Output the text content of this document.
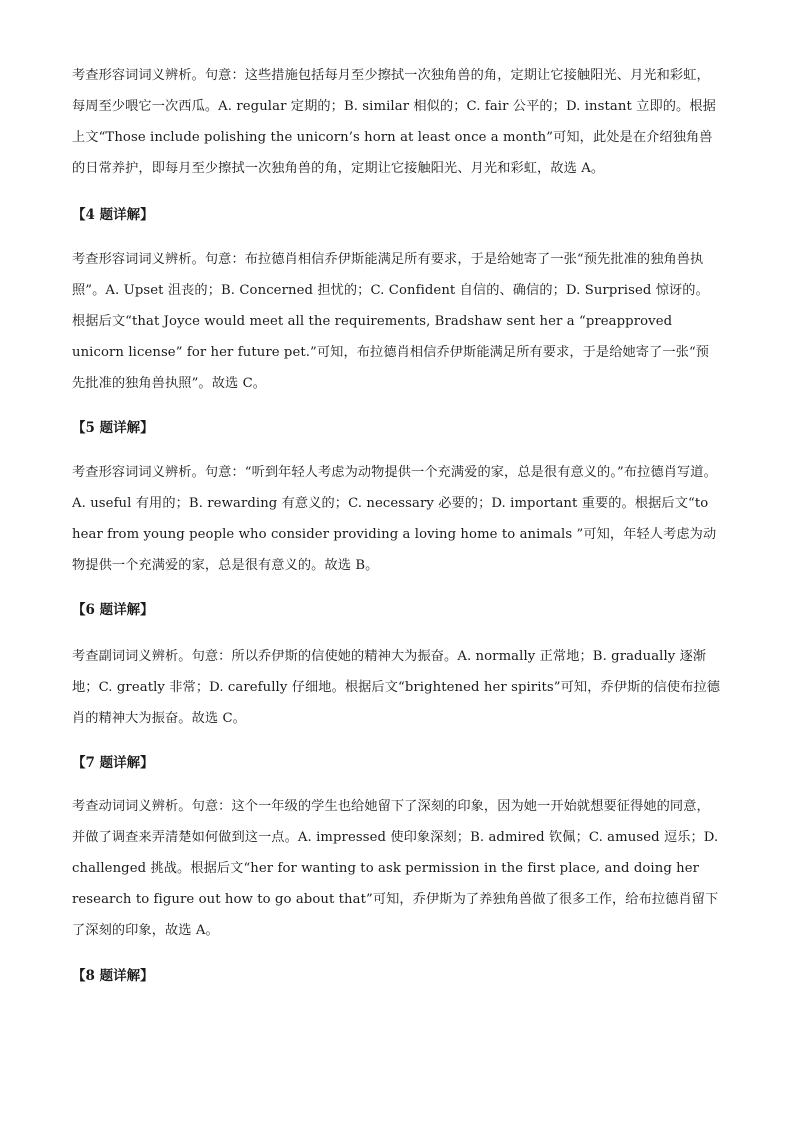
考查形容词词义辨析。句意：这些措施包括每月至少擦拭一次独角兽的角，定期让它接触阳光、月光和彩虹，每周至少喂它一次西瓜。A. regular 定期的；B. similar 相似的；C. fair 公平的；D. instant 立即的。根据上文“Those include polishing the unicorn’s horn at least once a month”可知，此处是在介绍独角兽的日常养护，即每月至少擦拭一次独角兽的角，定期让它接触阳光、月光和彩虹，故选 A。

【4 题详解】

考查形容词词义辨析。句意：布拉德肖相信乔伊斯能满足所有要求，于是给她寄了一张“预先批准的独角兽执照”。A. Upset 沮丧的；B. Concerned 担忧的；C. Confident 自信的、确信的；D. Surprised 惊讶的。根据后文“that Joyce would meet all the requirements, Bradshaw sent her a “preapproved unicorn license” for her future pet.”可知，布拉德肖相信乔伊斯能满足所有要求，于是给她寄了一张“预先批准的独角兽执照”。故选 C。

【5 题详解】

考查形容词词义辨析。句意：“听到年轻人考虑为动物提供一个充满爱的家，总是很有意义的。”布拉德肖写道。A. useful 有用的；B. rewarding 有意义的；C. necessary 必要的；D. important 重要的。根据后文“to hear from young people who consider providing a loving home to animals ”可知，年轻人考虑为动物提供一个充满爱的家，总是很有意义的。故选 B。

【6 题详解】

考查副词词义辨析。句意：所以乔伊斯的信使她的精神大为振奋。A. normally 正常地；B. gradually 逐渐地；C. greatly 非常；D. carefully 仔细地。根据后文“brightened her spirits”可知，乔伊斯的信使布拉德肖的精神大为振奋。故选 C。

【7 题详解】

考查动词词义辨析。句意：这个一年级的学生也给她留下了深刻的印象，因为她一开始就想要征得她的同意，并做了调查来弄清楚如何做到这一点。A. impressed 使印象深刻；B. admired 钦佩；C. amused 逗乐；D. challenged 挑战。根据后文“her for wanting to ask permission in the first place, and doing her research to figure out how to go about that”可知，乔伊斯为了养独角兽做了很多工作，给布拉德肖留下了深刻的印象，故选 A。

【8 题详解】
